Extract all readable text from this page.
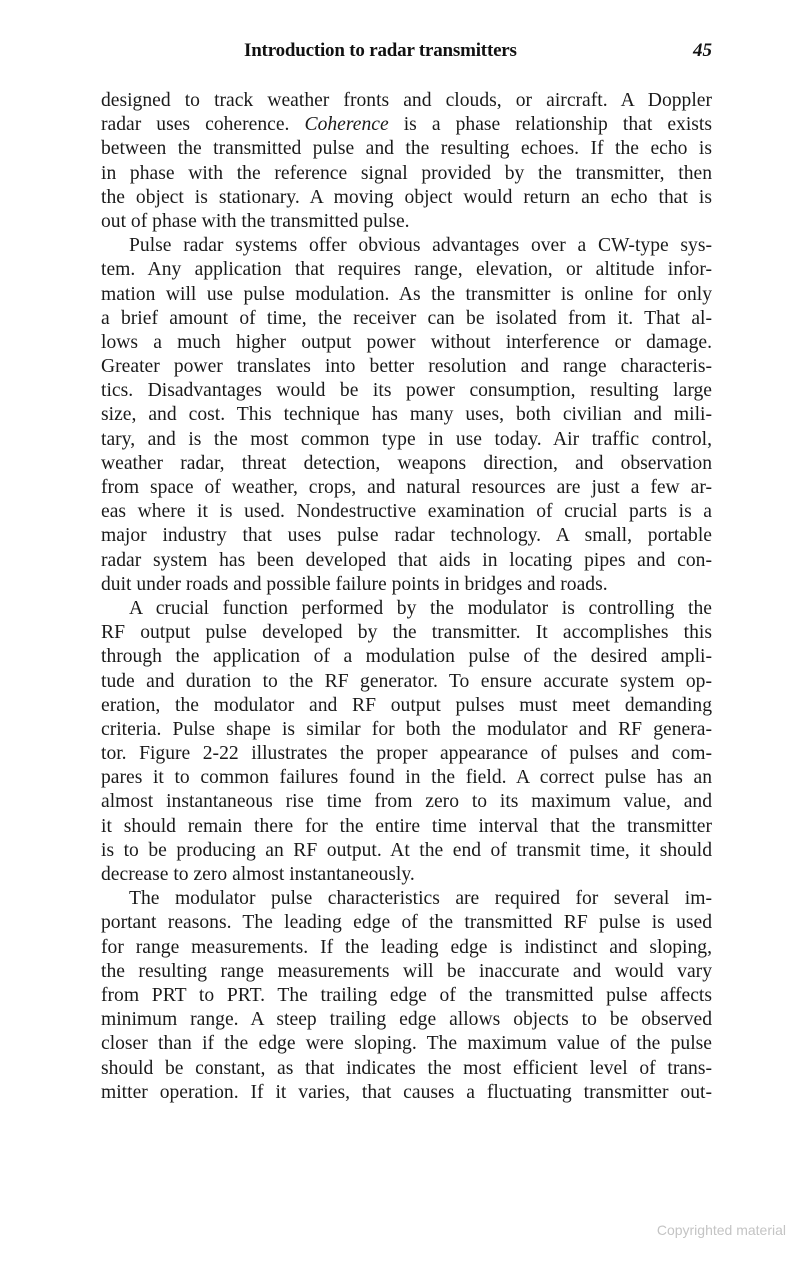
Introduction to radar transmitters	45
designed to track weather fronts and clouds, or aircraft. A Doppler
radar uses coherence. Coherence is a phase relationship that exists
between the transmitted pulse and the resulting echoes. If the echo is
in phase with the reference signal provided by the transmitter, then
the object is stationary. A moving object would return an echo that is
out of phase with the transmitted pulse.
Pulse radar systems offer obvious advantages over a CW-type sys-
tem. Any application that requires range, elevation, or altitude infor-
mation will use pulse modulation. As the transmitter is online for only
a brief amount of time, the receiver can be isolated from it. That al-
lows a much higher output power without interference or damage.
Greater power translates into better resolution and range characteris-
tics. Disadvantages would be its power consumption, resulting large
size, and cost. This technique has many uses, both civilian and mili-
tary, and is the most common type in use today. Air traffic control,
weather radar, threat detection, weapons direction, and observation
from space of weather, crops, and natural resources are just a few ar-
eas where it is used. Nondestructive examination of crucial parts is a
major industry that uses pulse radar technology. A small, portable
radar system has been developed that aids in locating pipes and con-
duit under roads and possible failure points in bridges and roads.
A crucial function performed by the modulator is controlling the
RF output pulse developed by the transmitter. It accomplishes this
through the application of a modulation pulse of the desired ampli-
tude and duration to the RF generator. To ensure accurate system op-
eration, the modulator and RF output pulses must meet demanding
criteria. Pulse shape is similar for both the modulator and RF genera-
tor. Figure 2-22 illustrates the proper appearance of pulses and com-
pares it to common failures found in the field. A correct pulse has an
almost instantaneous rise time from zero to its maximum value, and
it should remain there for the entire time interval that the transmitter
is to be producing an RF output. At the end of transmit time, it should
decrease to zero almost instantaneously.
The modulator pulse characteristics are required for several im-
portant reasons. The leading edge of the transmitted RF pulse is used
for range measurements. If the leading edge is indistinct and sloping,
the resulting range measurements will be inaccurate and would vary
from PRT to PRT. The trailing edge of the transmitted pulse affects
minimum range. A steep trailing edge allows objects to be observed
closer than if the edge were sloping. The maximum value of the pulse
should be constant, as that indicates the most efficient level of trans-
mitter operation. If it varies, that causes a fluctuating transmitter out-
Copyrighted material
